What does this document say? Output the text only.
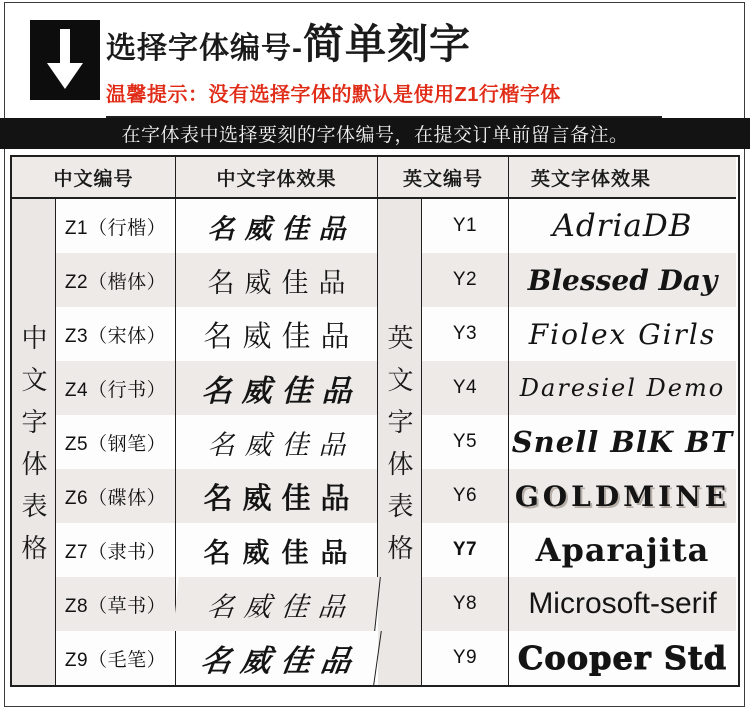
选择字体编号-简单刻字
温馨提示：没有选择字体的默认是使用Z1行楷字体
在字体表中选择要刻的字体编号，在提交订单前留言备注。
中文编号	中文字体效果	英文编号	英文字体效果
中文字体表格	英文字体表格
Z1（行楷）	名威佳品	Y1	AdriaDB
Z2（楷体）	名威佳品	Y2	Blessed Day
Z3（宋体）	名威佳品	Y3	Fiolex Girls
Z4（行书）	名威佳品	Y4	Daresiel Demo
Z5（钢笔）	名威佳品	Y5	Snell BlK BT
Z6（碟体）	名威佳品	Y6	GOLDMINE
Z7（隶书）	名威佳品	Y7	Aparajita
Z8（草书）	名威佳品	Y8	Microsoft-serif
Z9（毛笔）	名威佳品	Y9	Cooper Std
